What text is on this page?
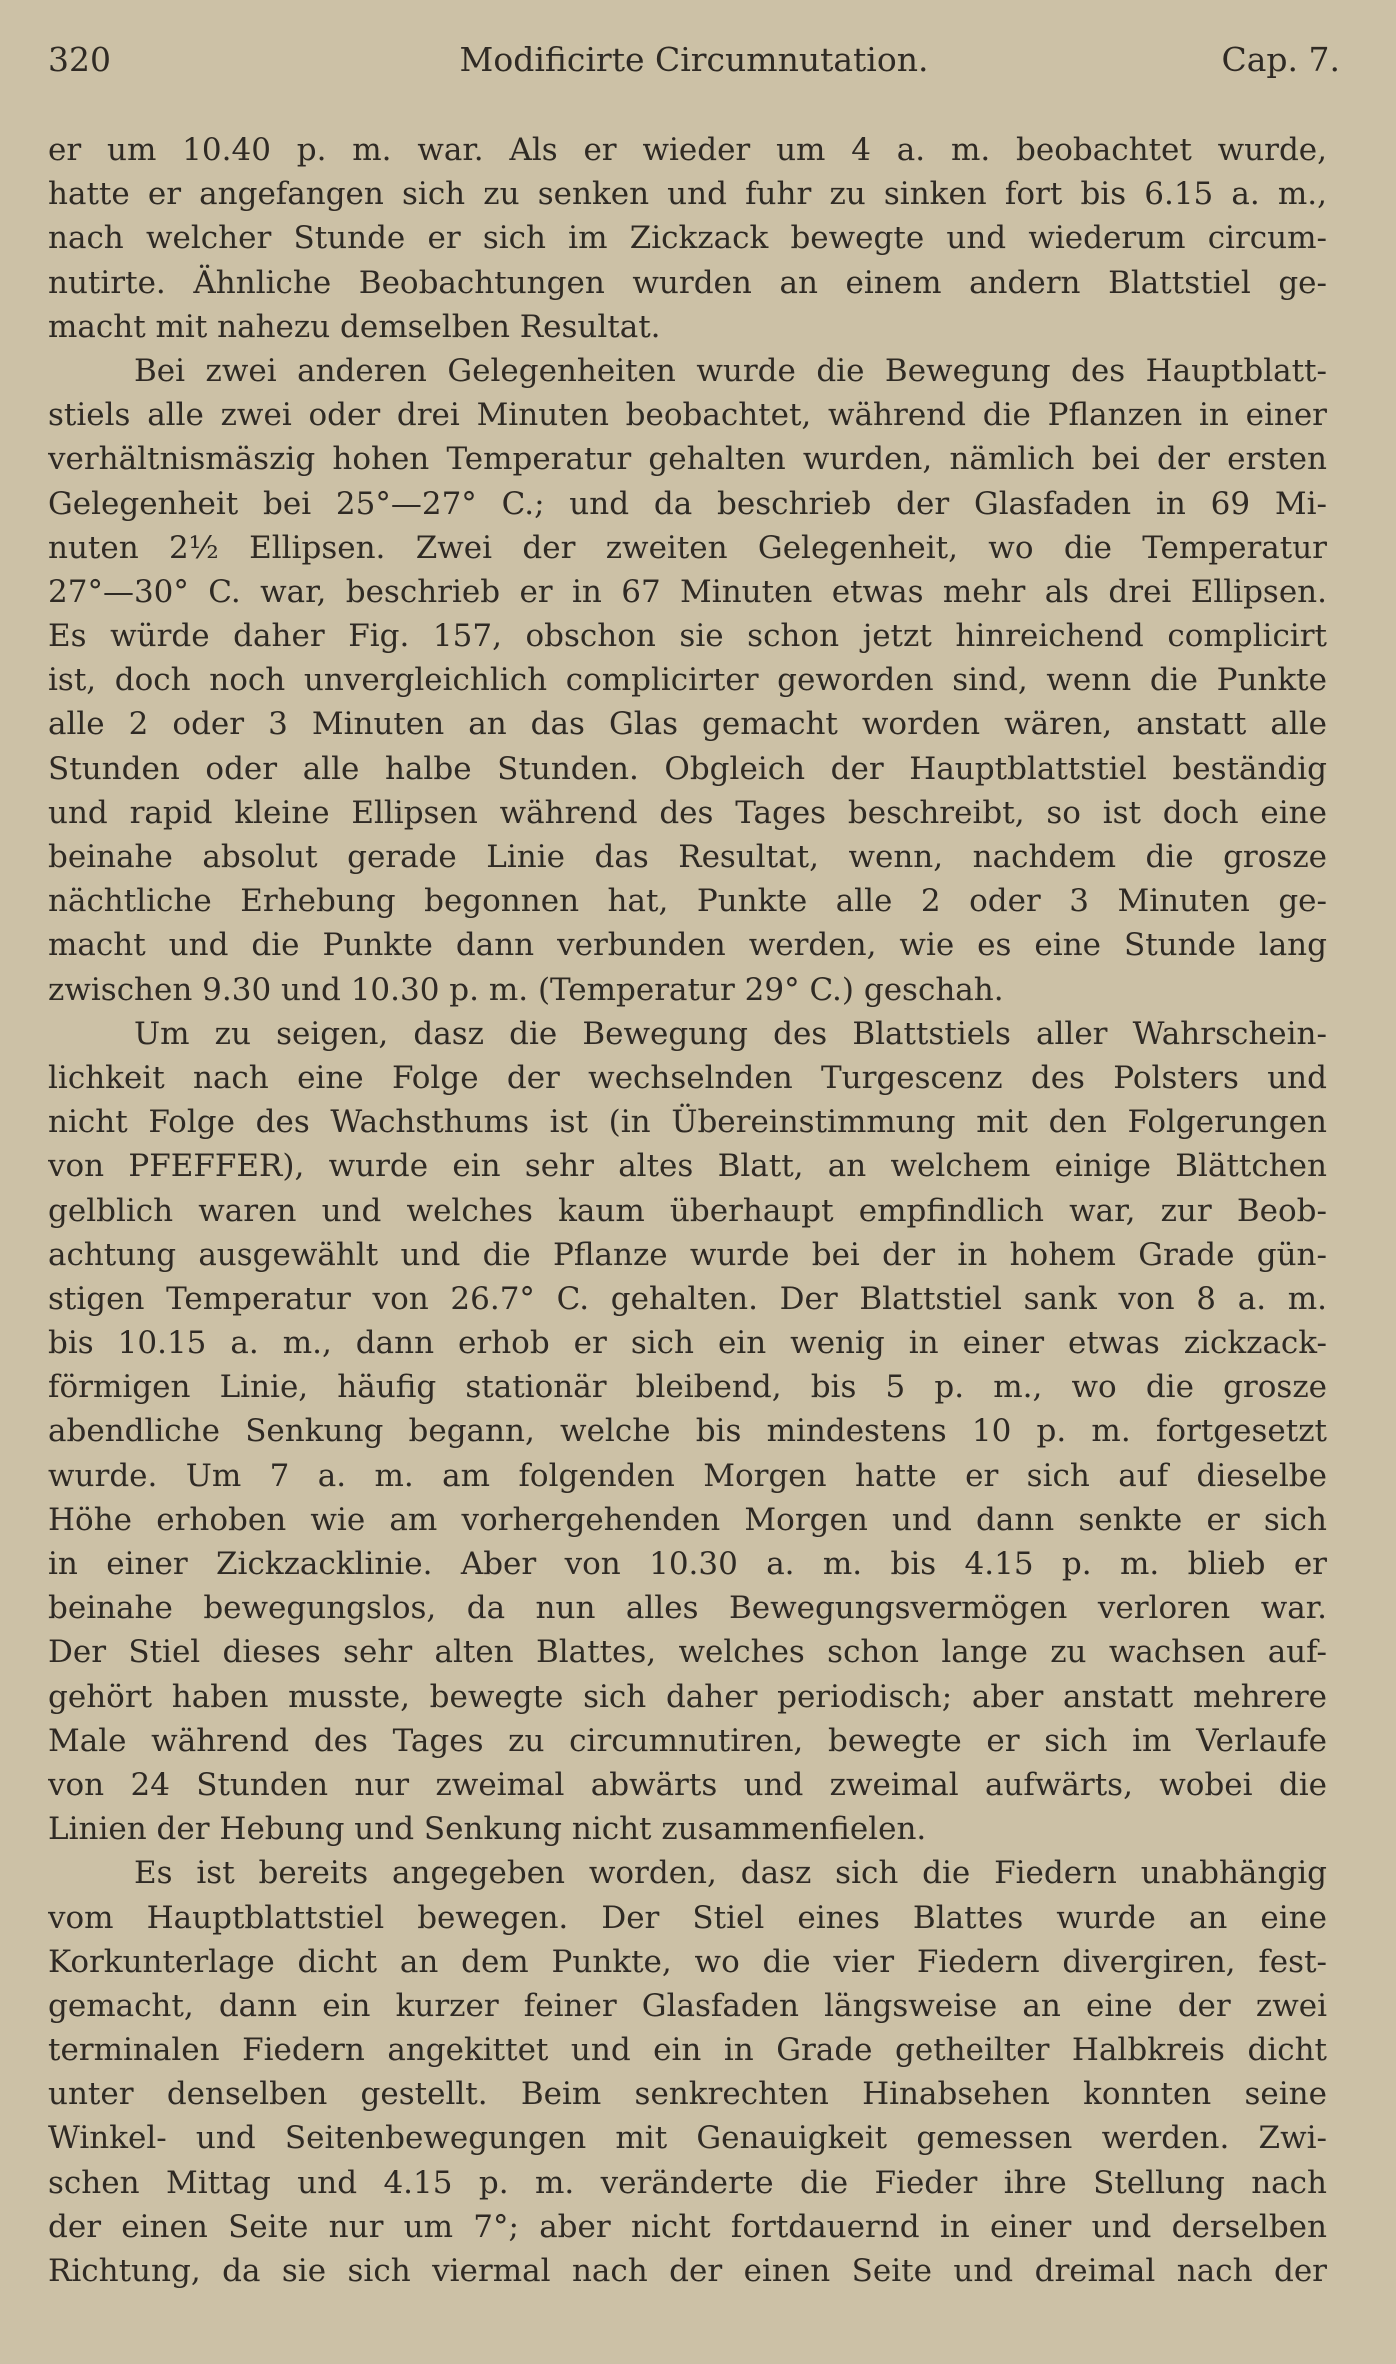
320	Modificirte Circumnutation.	Cap. 7.
er um 10.40 p. m. war. Als er wieder um 4 a. m. beobachtet wurde,
hatte er angefangen sich zu senken und fuhr zu sinken fort bis 6.15 a. m.,
nach welcher Stunde er sich im Zickzack bewegte und wiederum circum-
nutirte. Ähnliche Beobachtungen wurden an einem andern Blattstiel ge-
macht mit nahezu demselben Resultat.
Bei zwei anderen Gelegenheiten wurde die Bewegung des Hauptblatt-
stiels alle zwei oder drei Minuten beobachtet, während die Pflanzen in einer
verhältnismäszig hohen Temperatur gehalten wurden, nämlich bei der ersten
Gelegenheit bei 25°—27° C.; und da beschrieb der Glasfaden in 69 Mi-
nuten 2½ Ellipsen. Zwei der zweiten Gelegenheit, wo die Temperatur
27°—30° C. war, beschrieb er in 67 Minuten etwas mehr als drei Ellipsen.
Es würde daher Fig. 157, obschon sie schon jetzt hinreichend complicirt
ist, doch noch unvergleichlich complicirter geworden sind, wenn die Punkte
alle 2 oder 3 Minuten an das Glas gemacht worden wären, anstatt alle
Stunden oder alle halbe Stunden. Obgleich der Hauptblattstiel beständig
und rapid kleine Ellipsen während des Tages beschreibt, so ist doch eine
beinahe absolut gerade Linie das Resultat, wenn, nachdem die grosze
nächtliche Erhebung begonnen hat, Punkte alle 2 oder 3 Minuten ge-
macht und die Punkte dann verbunden werden, wie es eine Stunde lang
zwischen 9.30 und 10.30 p. m. (Temperatur 29° C.) geschah.
Um zu seigen, dasz die Bewegung des Blattstiels aller Wahrschein-
lichkeit nach eine Folge der wechselnden Turgescenz des Polsters und
nicht Folge des Wachsthums ist (in Übereinstimmung mit den Folgerungen
von PFEFFER), wurde ein sehr altes Blatt, an welchem einige Blättchen
gelblich waren und welches kaum überhaupt empfindlich war, zur Beob-
achtung ausgewählt und die Pflanze wurde bei der in hohem Grade gün-
stigen Temperatur von 26.7° C. gehalten. Der Blattstiel sank von 8 a. m.
bis 10.15 a. m., dann erhob er sich ein wenig in einer etwas zickzack-
förmigen Linie, häufig stationär bleibend, bis 5 p. m., wo die grosze
abendliche Senkung begann, welche bis mindestens 10 p. m. fortgesetzt
wurde. Um 7 a. m. am folgenden Morgen hatte er sich auf dieselbe
Höhe erhoben wie am vorhergehenden Morgen und dann senkte er sich
in einer Zickzacklinie. Aber von 10.30 a. m. bis 4.15 p. m. blieb er
beinahe bewegungslos, da nun alles Bewegungsvermögen verloren war.
Der Stiel dieses sehr alten Blattes, welches schon lange zu wachsen auf-
gehört haben musste, bewegte sich daher periodisch; aber anstatt mehrere
Male während des Tages zu circumnutiren, bewegte er sich im Verlaufe
von 24 Stunden nur zweimal abwärts und zweimal aufwärts, wobei die
Linien der Hebung und Senkung nicht zusammenfielen.
Es ist bereits angegeben worden, dasz sich die Fiedern unabhängig
vom Hauptblattstiel bewegen. Der Stiel eines Blattes wurde an eine
Korkunterlage dicht an dem Punkte, wo die vier Fiedern divergiren, fest-
gemacht, dann ein kurzer feiner Glasfaden längsweise an eine der zwei
terminalen Fiedern angekittet und ein in Grade getheilter Halbkreis dicht
unter denselben gestellt. Beim senkrechten Hinabsehen konnten seine
Winkel- und Seitenbewegungen mit Genauigkeit gemessen werden. Zwi-
schen Mittag und 4.15 p. m. veränderte die Fieder ihre Stellung nach
der einen Seite nur um 7°; aber nicht fortdauernd in einer und derselben
Richtung, da sie sich viermal nach der einen Seite und dreimal nach der
